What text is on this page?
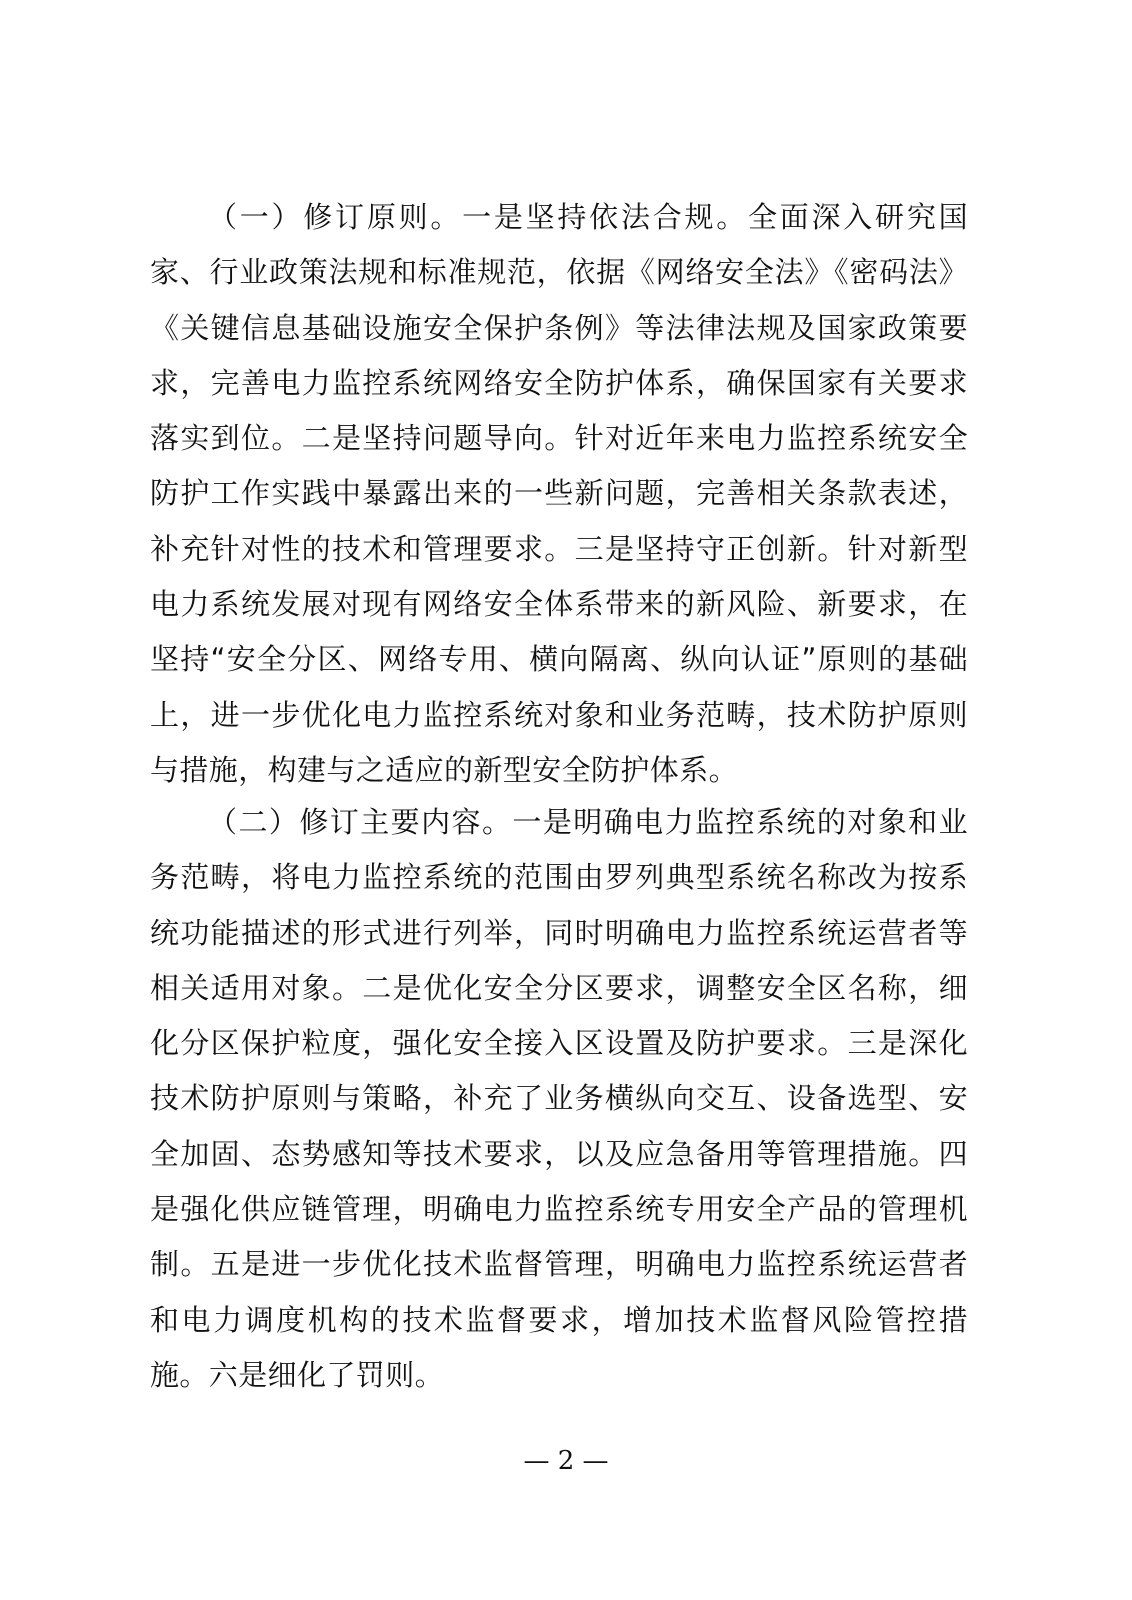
（一）修订原则。一是坚持依法合规。全面深入研究国家、行业政策法规和标准规范，依据《网络安全法》《密码法》《关键信息基础设施安全保护条例》等法律法规及国家政策要求，完善电力监控系统网络安全防护体系，确保国家有关要求落实到位。二是坚持问题导向。针对近年来电力监控系统安全防护工作实践中暴露出来的一些新问题，完善相关条款表述，补充针对性的技术和管理要求。三是坚持守正创新。针对新型电力系统发展对现有网络安全体系带来的新风险、新要求，在坚持“安全分区、网络专用、横向隔离、纵向认证”原则的基础上，进一步优化电力监控系统对象和业务范畴，技术防护原则与措施，构建与之适应的新型安全防护体系。

（二）修订主要内容。一是明确电力监控系统的对象和业务范畴，将电力监控系统的范围由罗列典型系统名称改为按系统功能描述的形式进行列举，同时明确电力监控系统运营者等相关适用对象。二是优化安全分区要求，调整安全区名称，细化分区保护粒度，强化安全接入区设置及防护要求。三是深化技术防护原则与策略，补充了业务横纵向交互、设备选型、安全加固、态势感知等技术要求，以及应急备用等管理措施。四是强化供应链管理，明确电力监控系统专用安全产品的管理机制。五是进一步优化技术监督管理，明确电力监控系统运营者和电力调度机构的技术监督要求，增加技术监督风险管控措施。六是细化了罚则。

— 2 —
